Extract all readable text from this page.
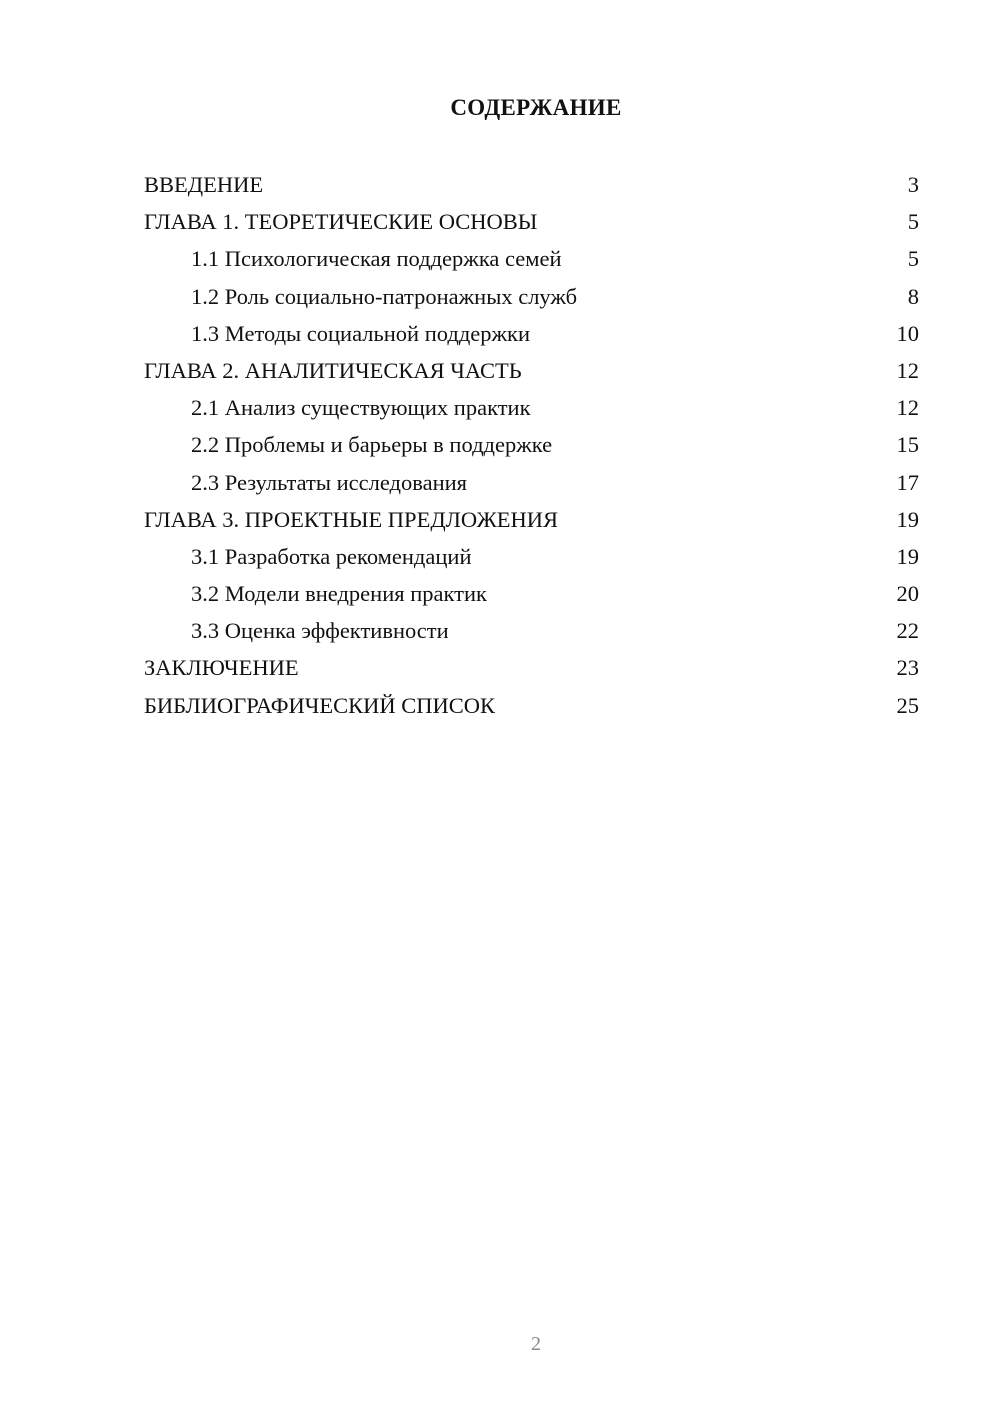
СОДЕРЖАНИЕ
ВВЕДЕНИЕ	3
ГЛАВА 1. ТЕОРЕТИЧЕСКИЕ ОСНОВЫ	5
1.1 Психологическая поддержка семей	5
1.2 Роль социально-патронажных служб	8
1.3 Методы социальной поддержки	10
ГЛАВА 2. АНАЛИТИЧЕСКАЯ ЧАСТЬ	12
2.1 Анализ существующих практик	12
2.2 Проблемы и барьеры в поддержке	15
2.3 Результаты исследования	17
ГЛАВА 3. ПРОЕКТНЫЕ ПРЕДЛОЖЕНИЯ	19
3.1 Разработка рекомендаций	19
3.2 Модели внедрения практик	20
3.3 Оценка эффективности	22
ЗАКЛЮЧЕНИЕ	23
БИБЛИОГРАФИЧЕСКИЙ СПИСОК	25
2
